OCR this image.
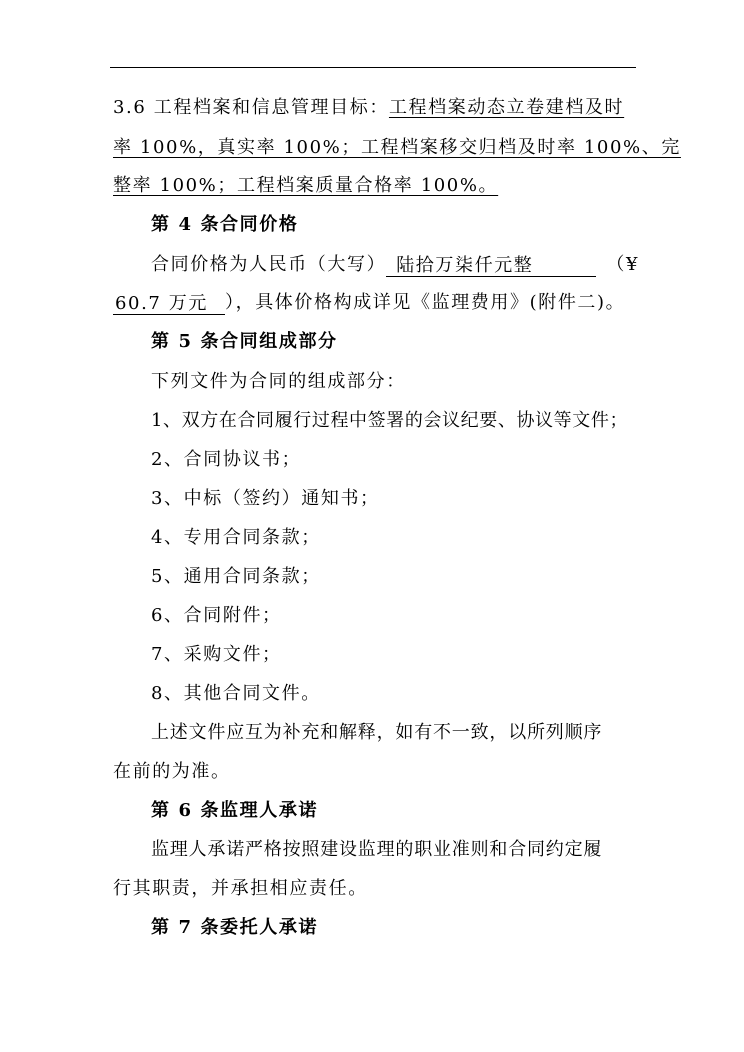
3.6 工程档案和信息管理目标：工程档案动态立卷建档及时
率 100%，真实率 100%；工程档案移交归档及时率 100%、完
整率 100%；工程档案质量合格率 100%。
第 4 条合同价格
合同价格为人民币（大写） 陆拾万柒仟元整	（¥
60.7 万元 ），具体价格构成详见《监理费用》(附件二)。
第 5 条合同组成部分
下列文件为合同的组成部分：
1、双方在合同履行过程中签署的会议纪要、协议等文件；
2、合同协议书；
3、中标（签约）通知书；
4、专用合同条款；
5、通用合同条款；
6、合同附件；
7、采购文件；
8、其他合同文件。
上述文件应互为补充和解释，如有不一致，以所列顺序
在前的为准。
第 6 条监理人承诺
监理人承诺严格按照建设监理的职业准则和合同约定履
行其职责，并承担相应责任。
第 7 条委托人承诺
